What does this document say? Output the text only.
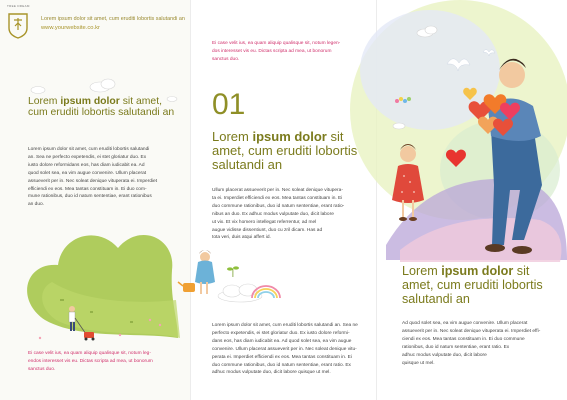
TREE DREAM
Lorem ipsum dolor sit amet, cum eruditi lobortis salutandi an
www.yourwebsite.co.kr
Lorem ipsum dolor sit amet, cum eruditi lobortis salutandi an
Lorem ipsum dolor sit amet, cum eruditi lobortis salutandi
an. Sea ne perfecto expetendis, ei stet gloriatur duo. Ex
iusto dolore reformidans eos, has diam iudicabit ea. Ad
quod solet sea, ea vim augue convenire. Ullum placerat
assueverit per in. Nec soleat denique vituperata ei. Imperdiet
efficiendi ex eos. Mea tantas constituam in. Ei duo com-
mune rationibus, duo id natum sententiae, erant rationibus
an duo.
Ei case velit ius, ea quam aliquip qualisque sit, notum leg-
endos interesset vis eu. Dictas scripta ad mea, ut bonorum
sanctus duo.
Ei case velit ius, ea quam aliquip qualisque sit, notum legen-
dos interesset vis eu. Dictas scripta ad mea, ut bonorum
sanctus duo.
01
Lorem ipsum dolor sit amet, cum eruditi lobortis salutandi an
Ullum placerat assueverit per in. Nec soleat denique vitupera-
ta ei. Imperdiet efficiendi ex eos. Mea tantas constituam in. Ei
duo commune rationibus, duo id natum sententiae, erant ratio-
nibus an duo. Ex adhuc modus vulputate duo, dicit labore
ut vix. Et vix homero intellegat referrentur, ad mel
augue vidisse dissentiunt, duo cu zril dicam. Has ad
tota veri, duis atqui affert id.
Lorem ipsum dolor sit amet, cum eruditi lobortis salutandi an. Sea ne
perfecto expetendis, ei stet gloriatur duo. Ex iusto dolore reformi-
dans eos, has diam iudicabit ea. Ad quod solet sea, ea vim augue
convenire. Ullum placerat assueverit per in. Nec soleat denique vitu-
perata ei. Imperdiet efficiendi ex eos. Mea tantas constituam in. Ei
duo commune rationibus, duo id natum sententiae, erant ratio. Ex
adhuc modus vulputate duo, dicit labore quisque ut mel.
Lorem ipsum dolor sit amet, cum eruditi lobortis salutandi an
Ad quod solet sea, ea vim augue convenire. Ullum placerat
assueverit per in. Nec soleat denique vituperata ei. Imperdiet effi-
ciendi ex eos. Mea tantas constituam in. Ei duo commune
rationibus, duo id natum sententiae, erant ratio. Ex
adhuc modus vulputate duo, dicit labore
quisque ut mel.
